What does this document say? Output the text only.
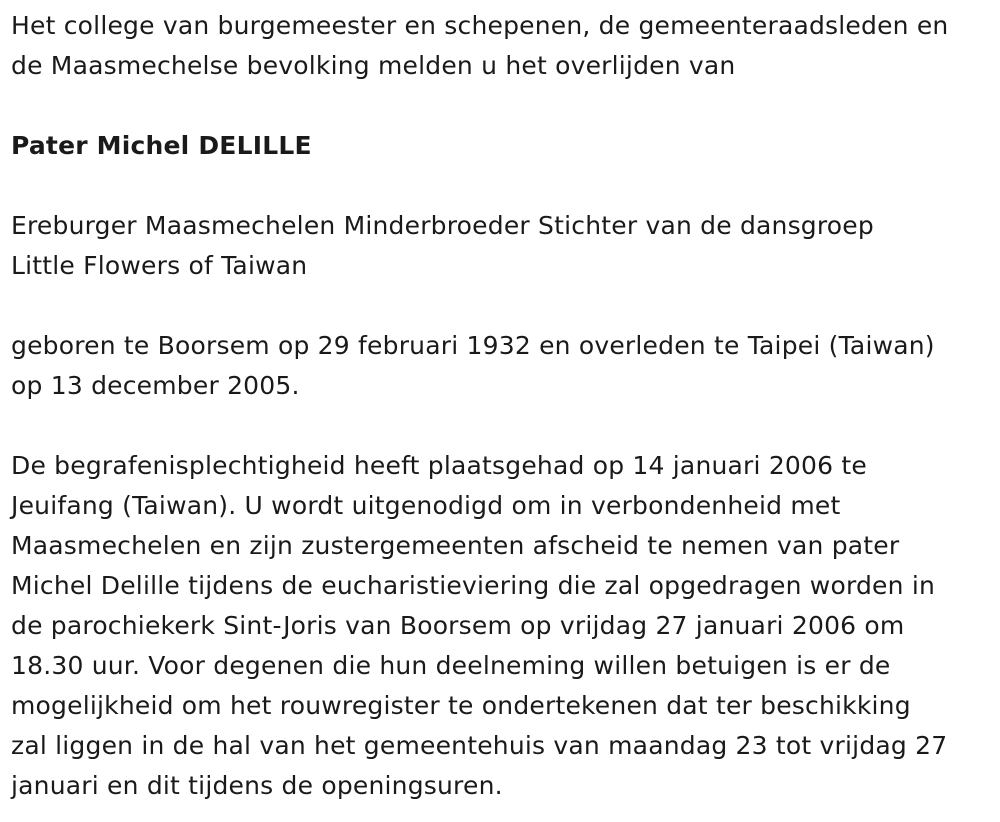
Het college van burgemeester en schepenen, de gemeenteraadsleden en
de Maasmechelse bevolking melden u het overlijden van

Pater Michel DELILLE

Ereburger Maasmechelen Minderbroeder Stichter van de dansgroep
Little Flowers of Taiwan

geboren te Boorsem op 29 februari 1932 en overleden te Taipei (Taiwan)
op 13 december 2005.

De begrafenisplechtigheid heeft plaatsgehad op 14 januari 2006 te
Jeuifang (Taiwan). U wordt uitgenodigd om in verbondenheid met
Maasmechelen en zijn zustergemeenten afscheid te nemen van pater
Michel Delille tijdens de eucharistieviering die zal opgedragen worden in
de parochiekerk Sint-Joris van Boorsem op vrijdag 27 januari 2006 om
18.30 uur. Voor degenen die hun deelneming willen betuigen is er de
mogelijkheid om het rouwregister te ondertekenen dat ter beschikking
zal liggen in de hal van het gemeentehuis van maandag 23 tot vrijdag 27
januari en dit tijdens de openingsuren.
